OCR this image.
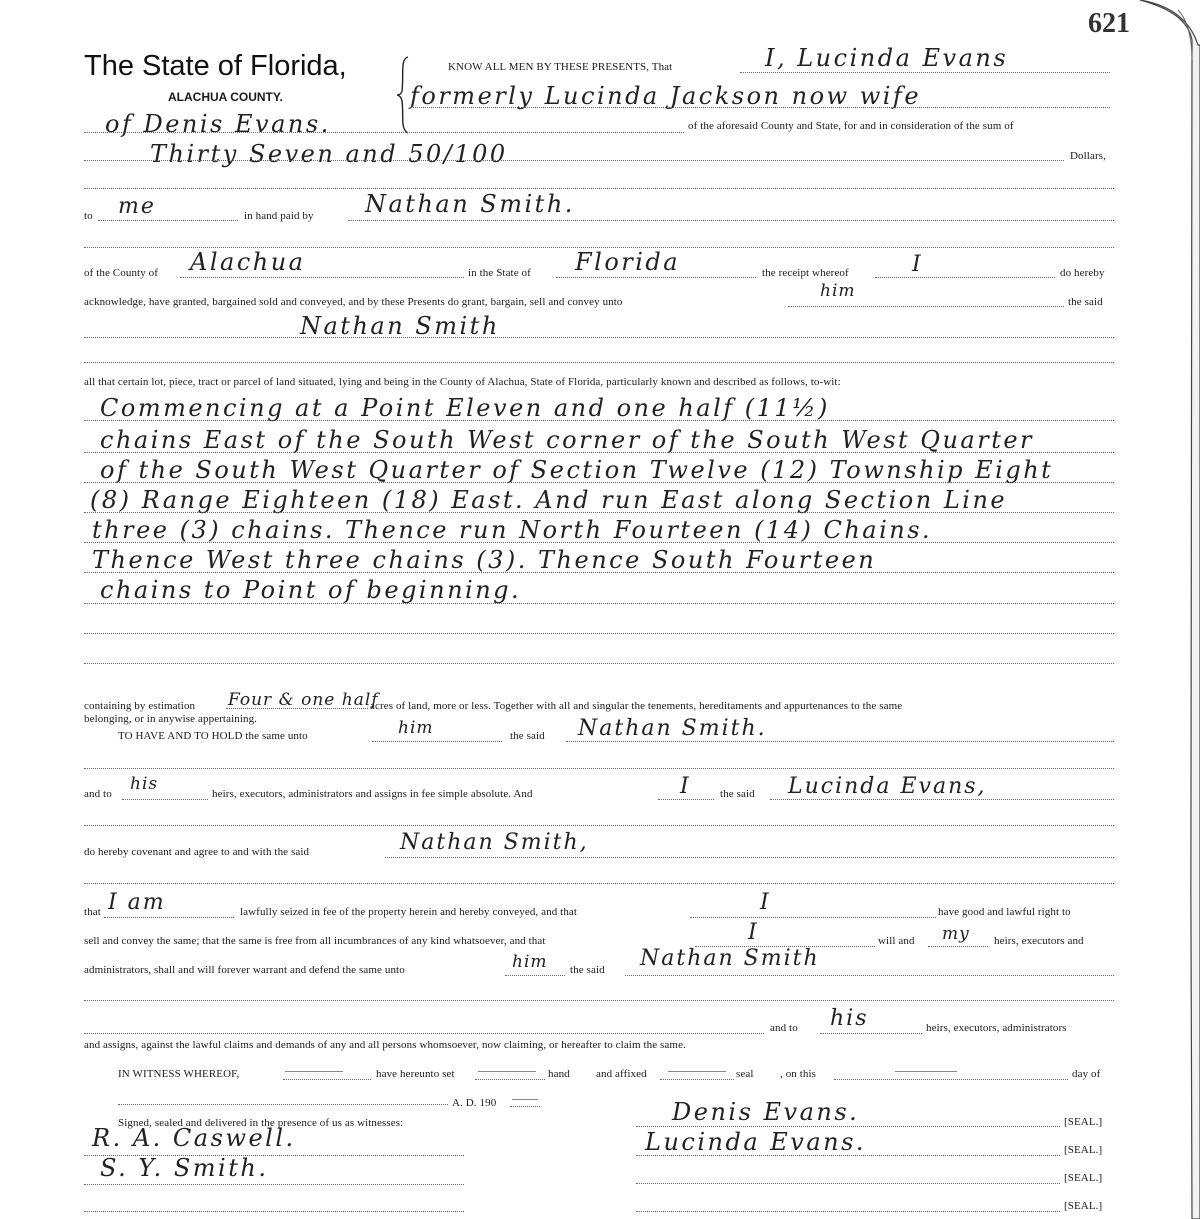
621
The State of Florida,
ALACHUA COUNTY.
KNOW ALL MEN BY THESE PRESENTS, That	I, Lucinda Evans
formerly Lucinda Jackson now wife
of Denis Evans.	of the aforesaid County and State, for and in consideration of the sum of
Thirty Seven and 50/100	Dollars,
to me	in hand paid by Nathan Smith.
of the County of Alachua	in the State of Florida	the receipt whereof	I	do hereby
acknowledge, have granted, bargained sold and conveyed, and by these Presents do grant, bargain, sell and convey unto
him
the said
Nathan Smith
all that certain lot, piece, tract or parcel of land situated, lying and being in the County of Alachua, State of Florida, particularly known and described as follows, to-wit:
Commencing at a Point Eleven and one half (11½)
chains East of the South West corner of the South West Quarter
of the South West Quarter of Section Twelve (12) Township Eight
(8) Range Eighteen (18) East. And run East along Section Line
three (3) chains. Thence run North Fourteen (14) Chains.
Thence West three chains (3). Thence South Fourteen
chains to Point of beginning.
containing by estimation Four & one half
acres of land, more or less. Together with all and singular the tenements, hereditaments and appurtenances to the same
belonging, or in anywise appertaining.
TO HAVE AND TO HOLD the same unto	him	the said Nathan Smith.
and to his	heirs, executors, administrators and assigns in fee simple absolute. And	I	the said Lucinda Evans,
do hereby covenant and agree to and with the said	Nathan Smith,
that I am	lawfully seized in fee of the property herein and hereby conveyed, and that	I	have good and lawful right to
sell and convey the same; that the same is free from all incumbrances of any kind whatsoever, and that	I	will and my heirs, executors and
administrators, shall and will forever warrant and defend the same unto	him the said Nathan Smith
and to his	heirs, executors, administrators
and assigns, against the lawful claims and demands of any and all persons whomsoever, now claiming, or hereafter to claim the same.
IN WITNESS WHEREOF,	have hereunto set	hand and affixed	seal , on this	day of
A. D. 190
Signed, sealed and delivered in the presence of us as witnesses:
R. A. Caswell.
S. Y. Smith.
Denis Evans.	[SEAL.]
Lucinda Evans.	[SEAL.]
[SEAL.]
[SEAL.]
